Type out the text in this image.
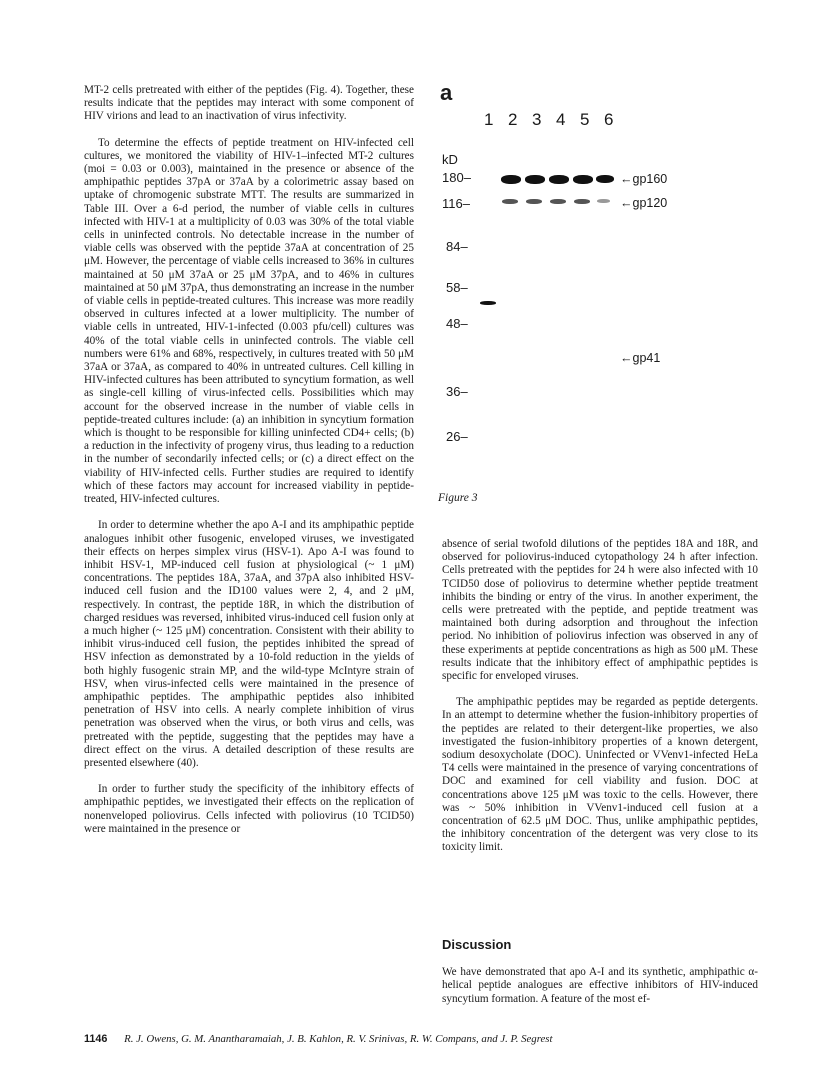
MT-2 cells pretreated with either of the peptides (Fig. 4). Together, these results indicate that the peptides may interact with some component of HIV virions and lead to an inactivation of virus infectivity.

To determine the effects of peptide treatment on HIV-infected cell cultures, we monitored the viability of HIV-1–infected MT-2 cultures (moi = 0.03 or 0.003), maintained in the presence or absence of the amphipathic peptides 37pA or 37aA by a colorimetric assay based on uptake of chromogenic substrate MTT. The results are summarized in Table III. Over a 6-d period, the number of viable cells in cultures infected with HIV-1 at a multiplicity of 0.03 was 30% of the total viable cells in uninfected controls. No detectable increase in the number of viable cells was observed with the peptide 37aA at concentration of 25 μM. However, the percentage of viable cells increased to 36% in cultures maintained at 50 μM 37aA or 25 μM 37pA, and to 46% in cultures maintained at 50 μM 37pA, thus demonstrating an increase in the number of viable cells in peptide-treated cultures. This increase was more readily observed in cultures infected at a lower multiplicity. The number of viable cells in untreated, HIV-1-infected (0.003 pfu/cell) cultures was 40% of the total viable cells in uninfected controls. The viable cell numbers were 61% and 68%, respectively, in cultures treated with 50 μM 37aA or 37aA, as compared to 40% in untreated cultures. Cell killing in HIV-infected cultures has been attributed to syncytium formation, as well as single-cell killing of virus-infected cells. Possibilities which may account for the observed increase in the number of viable cells in peptide-treated cultures include: (a) an inhibition in syncytium formation which is thought to be responsible for killing uninfected CD4+ cells; (b) a reduction in the infectivity of progeny virus, thus leading to a reduction in the number of secondarily infected cells; or (c) a direct effect on the viability of HIV-infected cells. Further studies are required to identify which of these factors may account for increased viability in peptide-treated, HIV-infected cultures.

In order to determine whether the apo A-I and its amphipathic peptide analogues inhibit other fusogenic, enveloped viruses, we investigated their effects on herpes simplex virus (HSV-1). Apo A-I was found to inhibit HSV-1, MP-induced cell fusion at physiological (~ 1 μM) concentrations. The peptides 18A, 37aA, and 37pA also inhibited HSV-induced cell fusion and the ID100 values were 2, 4, and 2 μM, respectively. In contrast, the peptide 18R, in which the distribution of charged residues was reversed, inhibited virus-induced cell fusion only at a much higher (~ 125 μM) concentration. Consistent with their ability to inhibit virus-induced cell fusion, the peptides inhibited the spread of HSV infection as demonstrated by a 10-fold reduction in the yields of both highly fusogenic strain MP, and the wild-type McIntyre strain of HSV, when virus-infected cells were maintained in the presence of amphipathic peptides. The amphipathic peptides also inhibited penetration of HSV into cells. A nearly complete inhibition of virus penetration was observed when the virus, or both virus and cells, was pretreated with the peptide, suggesting that the peptides may have a direct effect on the virus. A detailed description of these results are presented elsewhere (40).

In order to further study the specificity of the inhibitory effects of amphipathic peptides, we investigated their effects on the replication of nonenveloped poliovirus. Cells infected with poliovirus (10 TCID50) were maintained in the presence or

a
1 2 3 4 5 6
kD
180–
116–
84–
58–
48–
36–
26–
←gp160
←gp120
←gp41
Figure 3

absence of serial twofold dilutions of the peptides 18A and 18R, and observed for poliovirus-induced cytopathology 24 h after infection. Cells pretreated with the peptides for 24 h were also infected with 10 TCID50 dose of poliovirus to determine whether peptide treatment inhibits the binding or entry of the virus. In another experiment, the cells were pretreated with the peptide, and peptide treatment was maintained both during adsorption and throughout the infection period. No inhibition of poliovirus infection was observed in any of these experiments at peptide concentrations as high as 500 μM. These results indicate that the inhibitory effect of amphipathic peptides is specific for enveloped viruses.

The amphipathic peptides may be regarded as peptide detergents. In an attempt to determine whether the fusion-inhibitory properties of the peptides are related to their detergent-like properties, we also investigated the fusion-inhibitory properties of a known detergent, sodium desoxycholate (DOC). Uninfected or VVenv1-infected HeLa T4 cells were maintained in the presence of varying concentrations of DOC and examined for cell viability and fusion. DOC at concentrations above 125 μM was toxic to the cells. However, there was ~ 50% inhibition in VVenv1-induced cell fusion at a concentration of 62.5 μM DOC. Thus, unlike amphipathic peptides, the inhibitory concentration of the detergent was very close to its toxicity limit.

Discussion

We have demonstrated that apo A-I and its synthetic, amphipathic α-helical peptide analogues are effective inhibitors of HIV-induced syncytium formation. A feature of the most ef-

1146 R. J. Owens, G. M. Anantharamaiah, J. B. Kahlon, R. V. Srinivas, R. W. Compans, and J. P. Segrest
